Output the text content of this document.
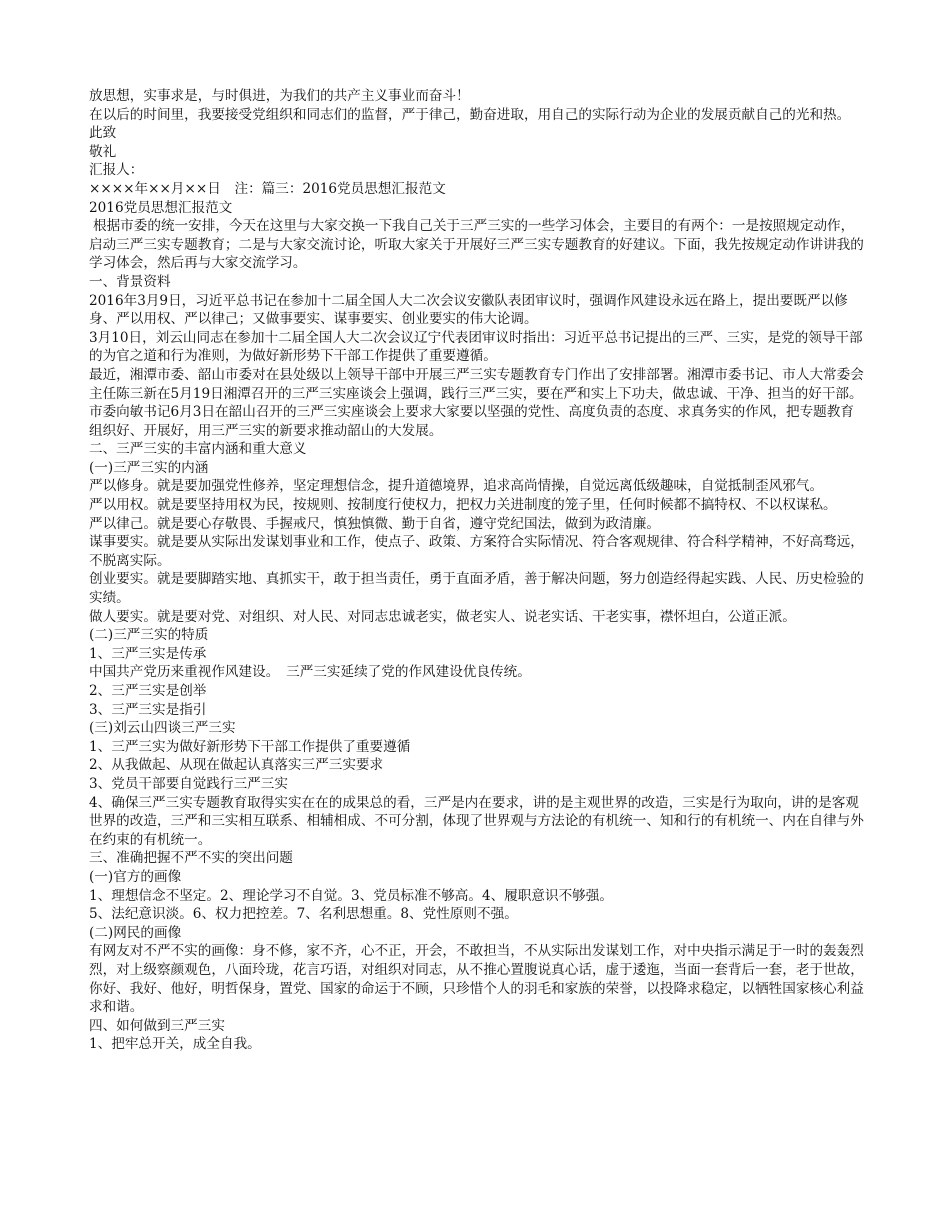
放思想，实事求是，与时俱进，为我们的共产主义事业而奋斗！

在以后的时间里，我要接受党组织和同志们的监督，严于律己，勤奋进取，用自己的实际行动为企业的发展贡献自己的光和热。

此致

敬礼

汇报人：

××××年××月××日　注：篇三：2016党员思想汇报范文

2016党员思想汇报范文

根据市委的统一安排，今天在这里与大家交换一下我自己关于三严三实的一些学习体会，主要目的有两个：一是按照规定动作，启动三严三实专题教育；二是与大家交流讨论，听取大家关于开展好三严三实专题教育的好建议。下面，我先按规定动作讲讲我的学习体会，然后再与大家交流学习。

一、背景资料

2016年3月9日，习近平总书记在参加十二届全国人大二次会议安徽队表团审议时，强调作风建设永远在路上，提出要既严以修身、严以用权、严以律己；又做事要实、谋事要实、创业要实的伟大论调。

3月10日，刘云山同志在参加十二届全国人大二次会议辽宁代表团审议时指出：习近平总书记提出的三严、三实，是党的领导干部的为官之道和行为准则，为做好新形势下干部工作提供了重要遵循。

最近，湘潭市委、韶山市委对在县处级以上领导干部中开展三严三实专题教育专门作出了安排部署。湘潭市委书记、市人大常委会主任陈三新在5月19日湘潭召开的三严三实座谈会上强调，践行三严三实，要在严和实上下功夫，做忠诚、干净、担当的好干部。市委向敏书记6月3日在韶山召开的三严三实座谈会上要求大家要以坚强的党性、高度负责的态度、求真务实的作风，把专题教育组织好、开展好，用三严三实的新要求推动韶山的大发展。

二、三严三实的丰富内涵和重大意义

(一)三严三实的内涵

严以修身。就是要加强党性修养，坚定理想信念，提升道德境界，追求高尚情操，自觉远离低级趣味，自觉抵制歪风邪气。

严以用权。就是要坚持用权为民，按规则、按制度行使权力，把权力关进制度的笼子里，任何时候都不搞特权、不以权谋私。

严以律己。就是要心存敬畏、手握戒尺，慎独慎微、勤于自省，遵守党纪国法，做到为政清廉。

谋事要实。就是要从实际出发谋划事业和工作，使点子、政策、方案符合实际情况、符合客观规律、符合科学精神，不好高骛远，不脱离实际。

创业要实。就是要脚踏实地、真抓实干，敢于担当责任，勇于直面矛盾，善于解决问题，努力创造经得起实践、人民、历史检验的实绩。

做人要实。就是要对党、对组织、对人民、对同志忠诚老实，做老实人、说老实话、干老实事，襟怀坦白，公道正派。

(二)三严三实的特质

1、三严三实是传承

中国共产党历来重视作风建设。　三严三实延续了党的作风建设优良传统。

2、三严三实是创举

3、三严三实是指引

(三)刘云山四谈三严三实

1、三严三实为做好新形势下干部工作提供了重要遵循

2、从我做起、从现在做起认真落实三严三实要求

3、党员干部要自觉践行三严三实

4、确保三严三实专题教育取得实实在在的成果总的看，三严是内在要求，讲的是主观世界的改造，三实是行为取向，讲的是客观世界的改造，三严和三实相互联系、相辅相成、不可分割，体现了世界观与方法论的有机统一、知和行的有机统一、内在自律与外在约束的有机统一。

三、准确把握不严不实的突出问题

(一)官方的画像

1、理想信念不坚定。2、理论学习不自觉。3、党员标准不够高。4、履职意识不够强。

5、法纪意识淡。6、权力把控差。7、名利思想重。8、党性原则不强。

(二)网民的画像

有网友对不严不实的画像：身不修，家不齐，心不正，开会，不敢担当，不从实际出发谋划工作，对中央指示满足于一时的轰轰烈烈，对上级察颜观色，八面玲珑，花言巧语，对组织对同志，从不推心置腹说真心话，虚于逶迤，当面一套背后一套，老于世故，你好、我好、他好，明哲保身，置党、国家的命运于不顾，只珍惜个人的羽毛和家族的荣誉，以投降求稳定，以牺牲国家核心利益求和谐。

四、如何做到三严三实

1、把牢总开关，成全自我。
